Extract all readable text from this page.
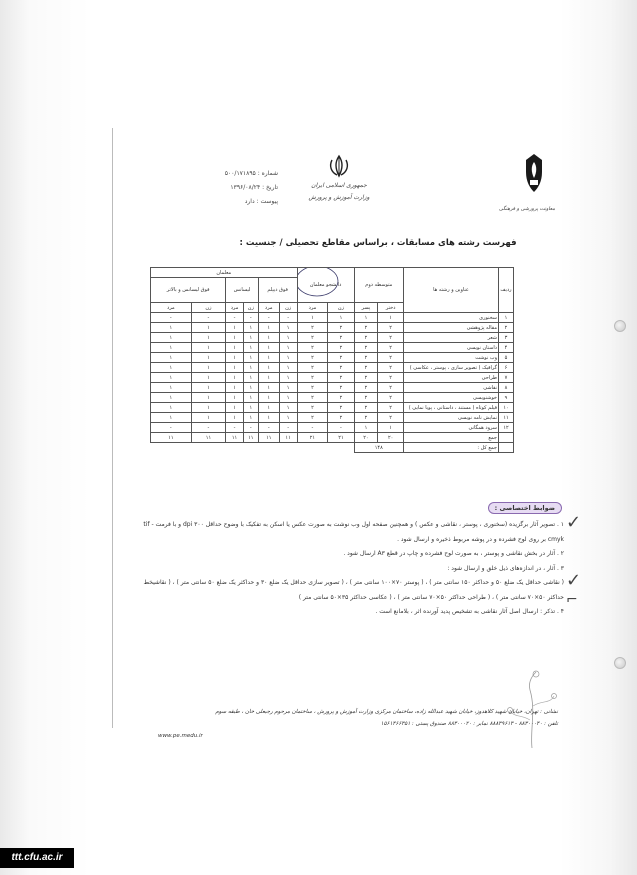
شماره : ۵۰۰/۱۷۱۸۹۵
تاریخ : ۱۳۹۶/۰۸/۲۴
پیوست : دارد
جمهوری اسلامی ایران
وزارت آموزش و پرورش
معاونت پرورشی و فرهنگی
فهرست رشته های مسابقات ، براساس مقاطع تحصیلی / جنسیت :
ردیف	عناوین و رشته ها	متوسطه دوم		دانشجو معلمان		معلمان					
						فوق دیپلم		لیسانس		فوق لیسانس و بالاتر	
		دختر	پسر	زن	مرد	زن	مرد	زن	مرد	زن	مرد
۱	سخنوری	۱	۱	۱	۱	-	-	-	-	-	-
۲	مقاله پژوهشی	۲	۲	۲	۲	۱	۱	۱	۱	۱	۱
۳	شعر	۲	۲	۲	۲	۱	۱	۱	۱	۱	۱
۴	داستان نویسی	۲	۲	۲	۲	۱	۱	۱	۱	۱	۱
۵	وب نوشت	۲	۲	۲	۲	۱	۱	۱	۱	۱	۱
۶	گرافیک ( تصویر سازی ، پوستر ، عکاسی )	۲	۲	۲	۲	۱	۱	۱	۱	۱	۱
۷	طراحی	۲	۲	۲	۲	۱	۱	۱	۱	۱	۱
۸	نقاشی	۲	۲	۲	۲	۱	۱	۱	۱	۱	۱
۹	خوشنویسی	۲	۲	۲	۲	۱	۱	۱	۱	۱	۱
۱۰	فیلم کوتاه ( مستند ، داستانی ، پویا نمایی )	۲	۲	۲	۲	۱	۱	۱	۱	۱	۱
۱۱	نمایش نامه نویسی	۲	۲	۲	۲	۱	۱	۱	۱	۱	۱
۱۲	سرود همگانی	۱	۱	-	-	-	-	-	-	-	-
	جمع	۲۰	۲۰	۲۱	۲۱	۱۱	۱۱	۱۱	۱۱	۱۱	۱۱
	جمع کل :	۱۴۸									
ضوابط اختصاصی :

۱ . تصویر آثار برگزیده (سخنوری ، پوستر ، نقاشی و عکس ) و همچنین صفحه اول وب نوشت به صورت عکس یا اسکن به تفکیک با وضوح حداقل ۳۰۰ dpi و با فرمت tif - cmyk بر روی لوح فشرده و در پوشه مربوط ذخیره و ارسال شود .

۲ . آثار در بخش نقاشی و پوستر ، به صورت لوح فشرده و چاپ در قطع A۳ ارسال شود .

۳ . آثار ، در اندازه‌های ذیل خلق و ارسال شود :

( نقاشی حداقل یک ضلع ۵۰ و حداکثر ۱۵۰ سانتی متر ) ، ( پوستر ۷۰×۱۰۰ سانتی متر ) ، ( تصویر سازی حداقل یک ضلع ۳۰ و حداکثر یک ضلع ۵۰ سانتی متر ) ، ( نقاشیخط حداکثر ۵۰×۷۰ سانتی متر ) ، ( طراحی حداکثر ۵۰×۷۰ سانتی متر ) ، ( عکاسی حداکثر ۳۵×۵۰ سانتی متر )

۴ . تذکر : ارسال اصل آثار نقاشی به تشخیص پدید آورنده اثر ، بلامانع است .

نشانی : تهران، خیابان شهید کلاهدوز، خیابان شهید عبدالله زاده، ساختمان مرکزی وزارت آموزش و پرورش ، ساختمان مرحوم رجبعلی خان ، طبقه سوم
تلفن : ۸۸۳۰۰۰۴۰ - ۸۸۸۳۹۶۱۳ نمابر : ۸۸۳۰۰۰۲۰ صندوق پستی : ۱۵۶۱۴۶۶۳۵۱
www.pe.medu.ir
✓
✓
⌐
ttt.cfu.ac.ir
